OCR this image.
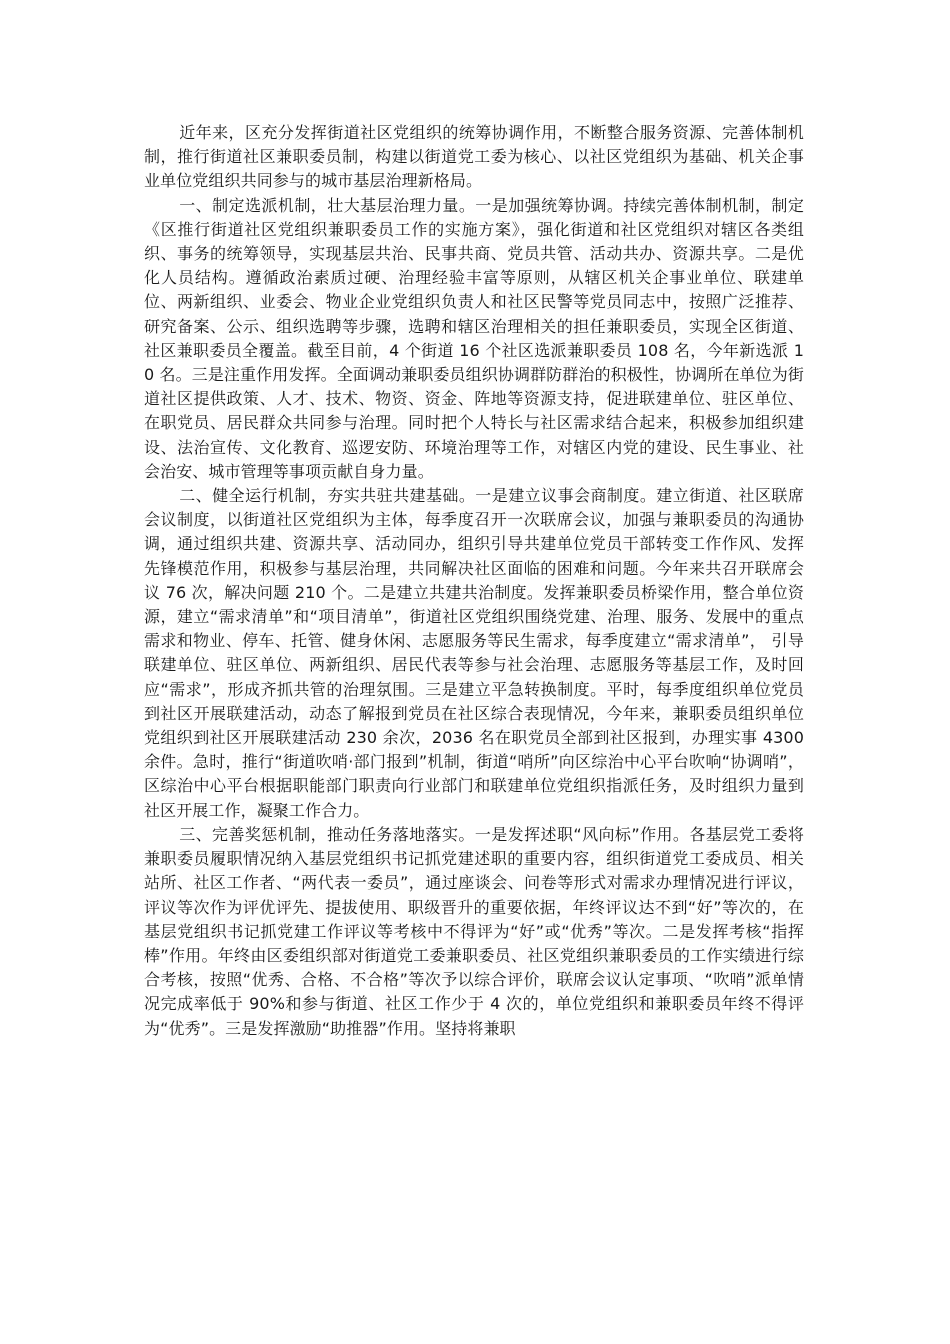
近年来，区充分发挥街道社区党组织的统筹协调作用，不断整合服务资源、完善体制机制，推行街道社区兼职委员制，构建以街道党工委为核心、以社区党组织为基础、机关企事业单位党组织共同参与的城市基层治理新格局。

一、制定选派机制，壮大基层治理力量。一是加强统筹协调。持续完善体制机制，制定《区推行街道社区党组织兼职委员工作的实施方案》，强化街道和社区党组织对辖区各类组织、事务的统筹领导，实现基层共治、民事共商、党员共管、活动共办、资源共享。二是优化人员结构。遵循政治素质过硬、治理经验丰富等原则，从辖区机关企事业单位、联建单位、两新组织、业委会、物业企业党组织负责人和社区民警等党员同志中，按照广泛推荐、研究备案、公示、组织选聘等步骤，选聘和辖区治理相关的担任兼职委员，实现全区街道、社区兼职委员全覆盖。截至目前，4 个街道 16 个社区选派兼职委员 108 名，今年新选派 10 名。三是注重作用发挥。全面调动兼职委员组织协调群防群治的积极性，协调所在单位为街道社区提供政策、人才、技术、物资、资金、阵地等资源支持，促进联建单位、驻区单位、在职党员、居民群众共同参与治理。同时把个人特长与社区需求结合起来，积极参加组织建设、法治宣传、文化教育、巡逻安防、环境治理等工作，对辖区内党的建设、民生事业、社会治安、城市管理等事项贡献自身力量。

二、健全运行机制，夯实共驻共建基础。一是建立议事会商制度。建立街道、社区联席会议制度，以街道社区党组织为主体，每季度召开一次联席会议，加强与兼职委员的沟通协调，通过组织共建、资源共享、活动同办，组织引导共建单位党员干部转变工作作风、发挥先锋模范作用，积极参与基层治理，共同解决社区面临的困难和问题。今年来共召开联席会议 76 次，解决问题 210 个。二是建立共建共治制度。发挥兼职委员桥梁作用，整合单位资源，建立“需求清单”和“项目清单”，街道社区党组织围绕党建、治理、服务、发展中的重点需求和物业、停车、托管、健身休闲、志愿服务等民生需求，每季度建立“需求清单”， 引导联建单位、驻区单位、两新组织、居民代表等参与社会治理、志愿服务等基层工作，及时回应“需求”，形成齐抓共管的治理氛围。三是建立平急转换制度。平时，每季度组织单位党员到社区开展联建活动，动态了解报到党员在社区综合表现情况，今年来，兼职委员组织单位党组织到社区开展联建活动 230 余次，2036 名在职党员全部到社区报到，办理实事 4300 余件。急时，推行“街道吹哨·部门报到”机制，街道“哨所”向区综治中心平台吹响“协调哨”，区综治中心平台根据职能部门职责向行业部门和联建单位党组织指派任务，及时组织力量到社区开展工作，凝聚工作合力。

三、完善奖惩机制，推动任务落地落实。一是发挥述职“风向标”作用。各基层党工委将兼职委员履职情况纳入基层党组织书记抓党建述职的重要内容，组织街道党工委成员、相关站所、社区工作者、“两代表一委员”，通过座谈会、问卷等形式对需求办理情况进行评议，评议等次作为评优评先、提拔使用、职级晋升的重要依据，年终评议达不到“好”等次的，在基层党组织书记抓党建工作评议等考核中不得评为“好”或“优秀”等次。二是发挥考核“指挥棒”作用。年终由区委组织部对街道党工委兼职委员、社区党组织兼职委员的工作实绩进行综合考核，按照“优秀、合格、不合格”等次予以综合评价，联席会议认定事项、“吹哨”派单情况完成率低于 90%和参与街道、社区工作少于 4 次的，单位党组织和兼职委员年终不得评为“优秀”。三是发挥激励“助推器”作用。坚持将兼职
